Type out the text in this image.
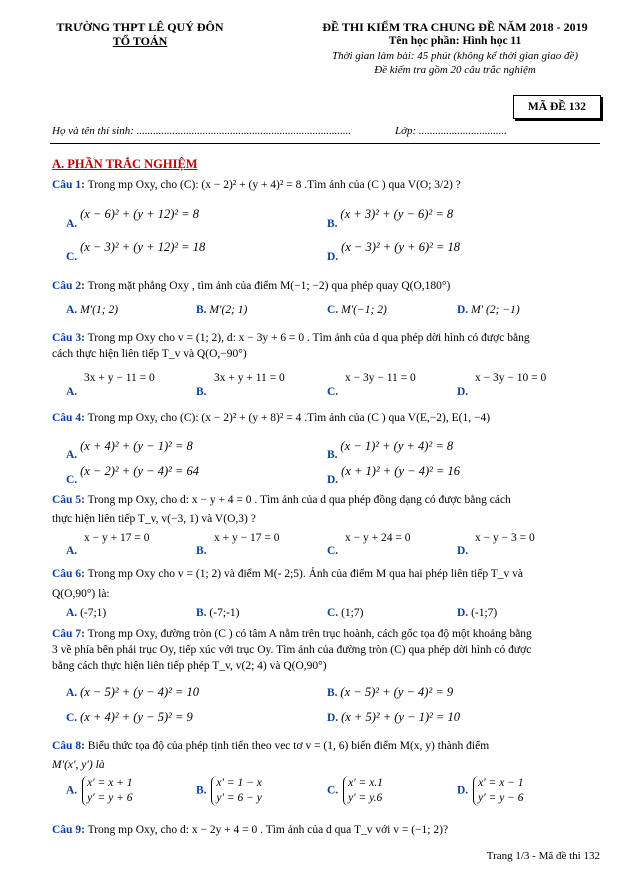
TRƯỜNG THPT LÊ QUÝ ĐÔN
TỔ TOÁN
ĐỀ THI KIỂM TRA CHUNG ĐỀ NĂM 2018 - 2019
Tên học phần: Hình học 11
Thời gian làm bài: 45 phút (không kể thời gian giao đề)
Đề kiểm tra gồm 20 câu trắc nghiệm
MÃ ĐỀ 132
Họ và tên thí sinh: ..............................................................................	Lớp: ................................
A. PHẦN TRẮC NGHIỆM
Câu 1: Trong mp Oxy, cho (C): (x − 2)² + (y + 4)² = 8 .Tìm ảnh của (C ) qua V(O; 3/2) ?
A. (x − 6)² + (y + 12)² = 8
B. (x + 3)² + (y − 6)² = 8
C. (x − 3)² + (y + 12)² = 18
D. (x − 3)² + (y + 6)² = 18
Câu 2: Trong mặt phẳng Oxy , tìm ảnh của điểm M(−1; −2) qua phép quay Q(O,180°)
A. M′(1; 2)	B. M′(2; 1)	C. M′(−1; 2)	D. M′ (2; −1)
Câu 3: Trong mp Oxy cho v = (1; 2), d: x − 3y + 6 = 0 . Tìm ảnh của d qua phép dời hình có được bằng
cách thực hiện liên tiếp T_v và Q(O,−90°)
3x + y − 11 = 0	3x + y + 11 = 0	x − 3y − 11 = 0	x − 3y − 10 = 0
A.	B.	C.	D.
Câu 4: Trong mp Oxy, cho (C): (x − 2)² + (y + 8)² = 4 .Tìm ảnh của (C ) qua V(E,−2), E(1, −4)
A. (x + 4)² + (y − 1)² = 8
B. (x − 1)² + (y + 4)² = 8
C. (x − 2)² + (y − 4)² = 64
D. (x + 1)² + (y − 4)² = 16
Câu 5: Trong mp Oxy, cho d: x − y + 4 = 0 . Tìm ảnh của d qua phép đồng dạng có được bằng cách
thực hiện liên tiếp T_v, v(−3, 1) và V(O,3) ?
x − y + 17 = 0	x + y − 17 = 0	x − y + 24 = 0	x − y − 3 = 0
A.	B.	C.	D.
Câu 6: Trong mp Oxy cho v = (1; 2) và điểm M(- 2;5). Ảnh của điểm M qua hai phép liên tiếp T_v và
Q(O,90°) là:
A. (-7;1)	B. (-7;-1)	C. (1;7)	D. (-1;7)
Câu 7: Trong mp Oxy, đường tròn (C ) có tâm A nằm trên trục hoành, cách gốc tọa độ một khoảng bằng
3 về phía bên phải trục Oy, tiếp xúc với trục Oy. Tìm ảnh của đường tròn (C) qua phép dời hình có được
bằng cách thực hiện liên tiếp phép T_v, v(2; 4) và Q(O,90°)
A. (x − 5)² + (y − 4)² = 10	B. (x − 5)² + (y − 4)² = 9
C. (x + 4)² + (y − 5)² = 9	D. (x + 5)² + (y − 1)² = 10
Câu 8: Biểu thức tọa độ của phép tịnh tiến theo vec tơ v = (1, 6) biến điểm M(x, y) thành điểm
M′(x′, y′) là
A.
x′ = x + 1
y′ = y + 6
B.
x′ = 1 − x
y′ = 6 − y
C.
x′ = x.1
y′ = y.6
D.
x′ = x − 1
y′ = y − 6
Câu 9: Trong mp Oxy, cho d: x − 2y + 4 = 0 . Tìm ảnh của d qua T_v với v = (−1; 2)?
Trang 1/3 - Mã đề thi 132
